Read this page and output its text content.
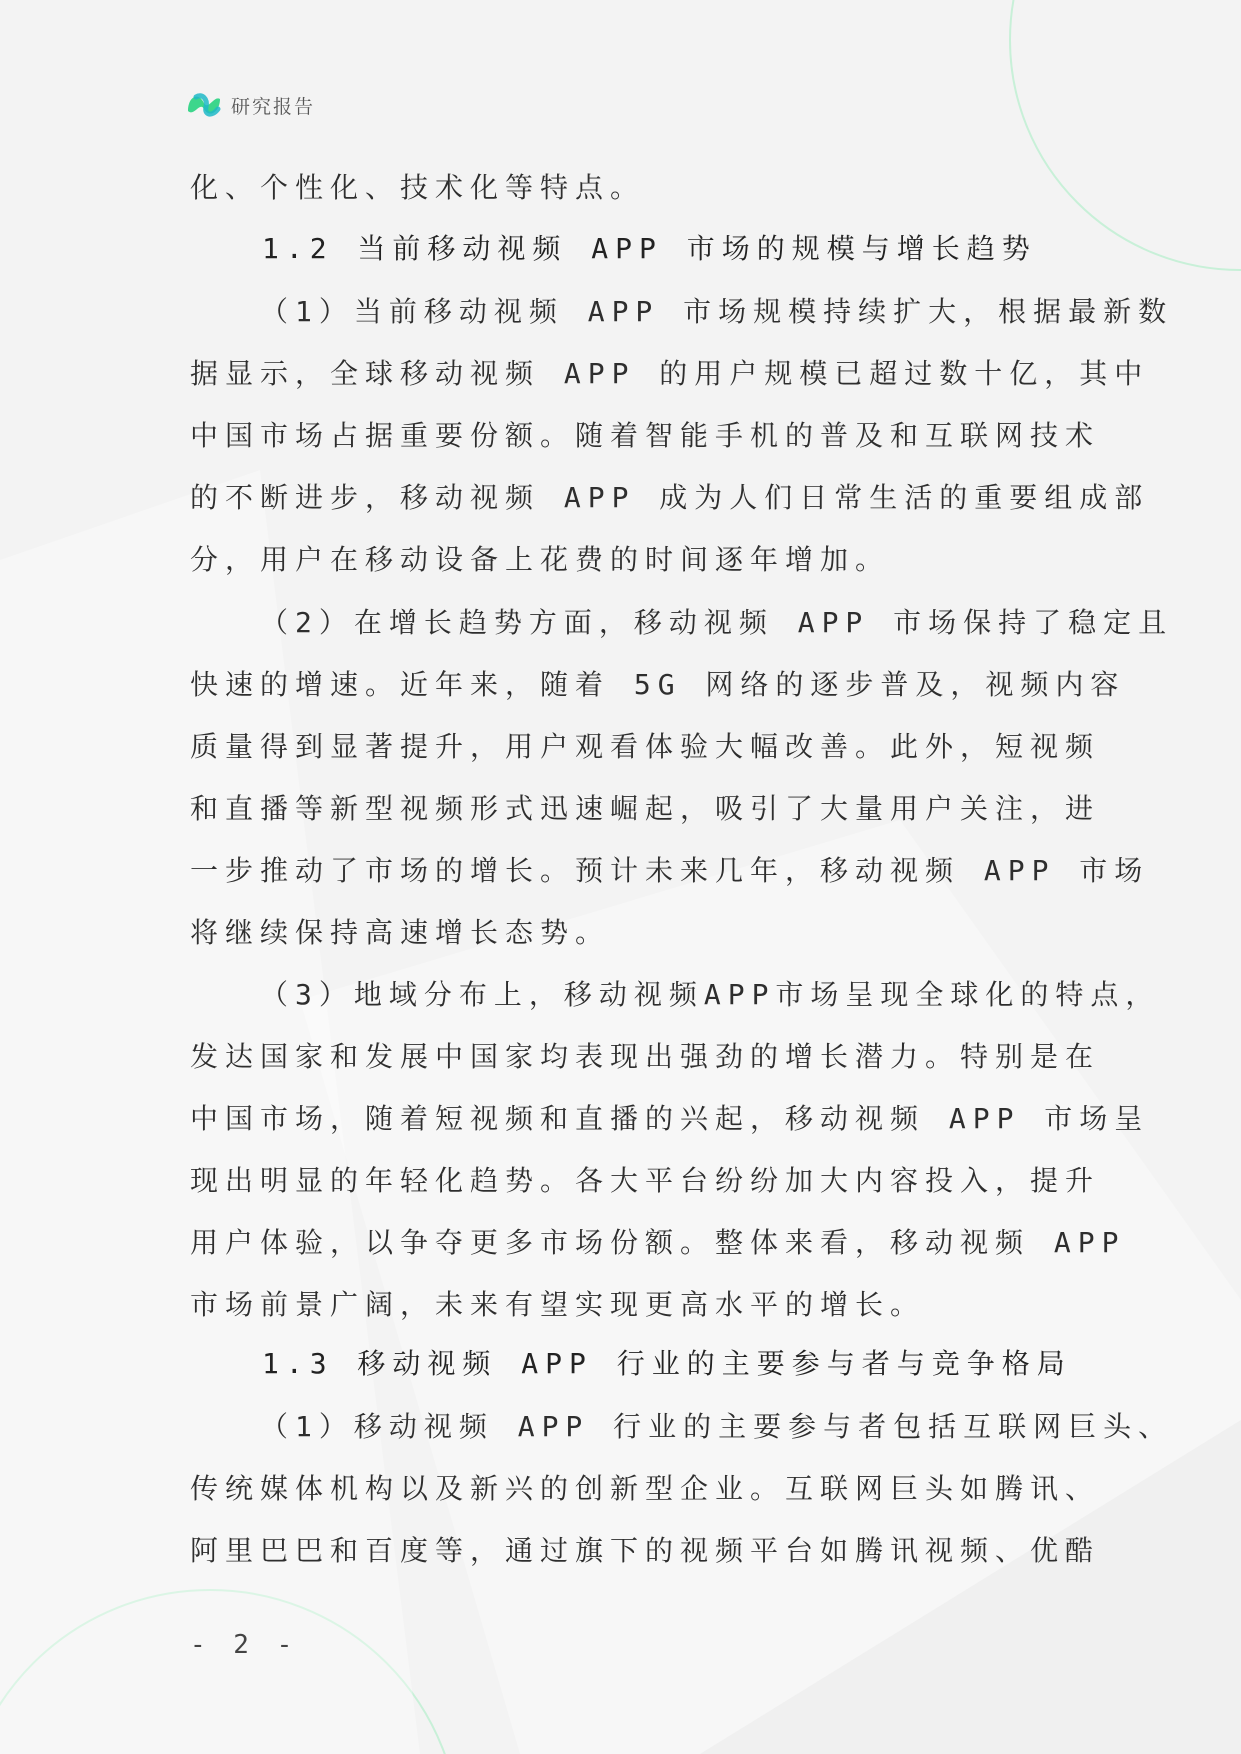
研究报告

化、个性化、技术化等特点。

1.2 当前移动视频 APP 市场的规模与增长趋势

（1）当前移动视频 APP 市场规模持续扩大，根据最新数
据显示，全球移动视频 APP 的用户规模已超过数十亿，其中
中国市场占据重要份额。随着智能手机的普及和互联网技术
的不断进步，移动视频 APP 成为人们日常生活的重要组成部
分，用户在移动设备上花费的时间逐年增加。
（2）在增长趋势方面，移动视频 APP 市场保持了稳定且
快速的增速。近年来，随着 5G 网络的逐步普及，视频内容
质量得到显著提升，用户观看体验大幅改善。此外，短视频
和直播等新型视频形式迅速崛起，吸引了大量用户关注，进
一步推动了市场的增长。预计未来几年，移动视频 APP 市场
将继续保持高速增长态势。
（3）地域分布上，移动视频APP市场呈现全球化的特点，
发达国家和发展中国家均表现出强劲的增长潜力。特别是在
中国市场，随着短视频和直播的兴起，移动视频 APP 市场呈
现出明显的年轻化趋势。各大平台纷纷加大内容投入，提升
用户体验，以争夺更多市场份额。整体来看，移动视频 APP
市场前景广阔，未来有望实现更高水平的增长。

1.3 移动视频 APP 行业的主要参与者与竞争格局

（1）移动视频 APP 行业的主要参与者包括互联网巨头、
传统媒体机构以及新兴的创新型企业。互联网巨头如腾讯、
阿里巴巴和百度等，通过旗下的视频平台如腾讯视频、优酷
- 2 -
